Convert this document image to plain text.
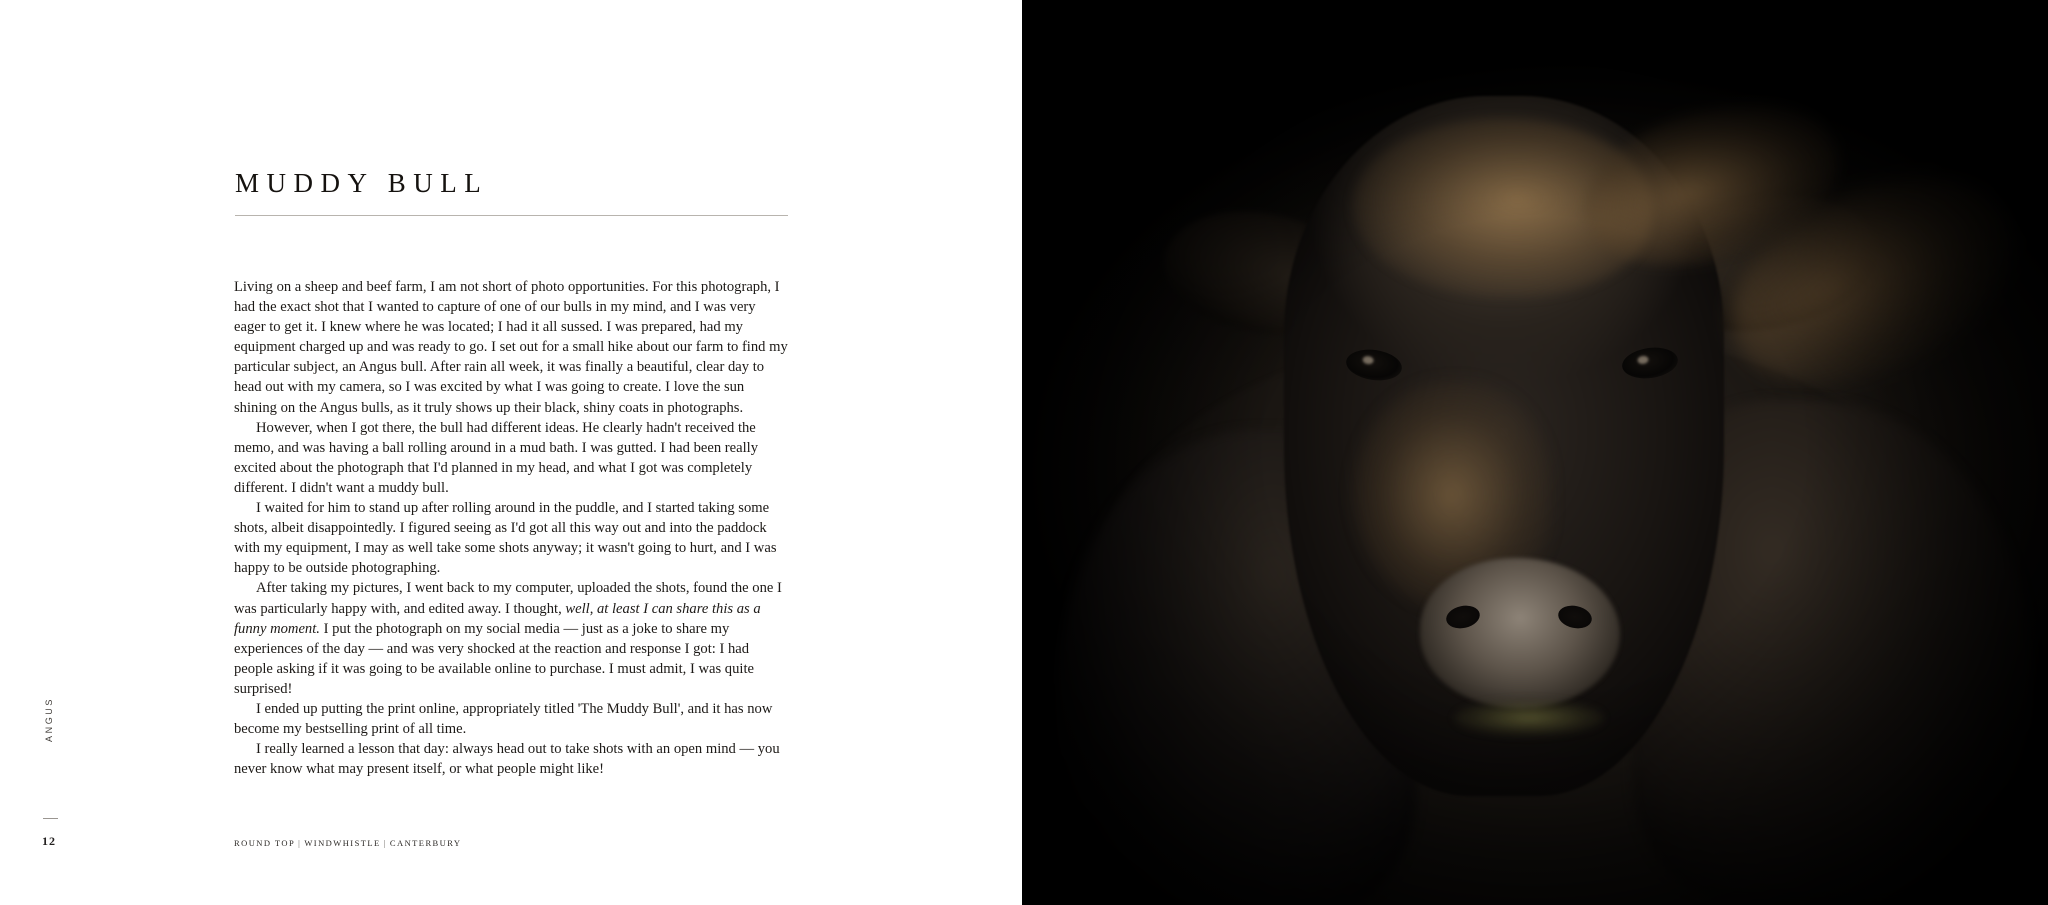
MUDDY BULL

Living on a sheep and beef farm, I am not short of photo opportunities. For this photograph, I had the exact shot that I wanted to capture of one of our bulls in my mind, and I was very eager to get it. I knew where he was located; I had it all sussed. I was prepared, had my equipment charged up and was ready to go. I set out for a small hike about our farm to find my particular subject, an Angus bull. After rain all week, it was finally a beautiful, clear day to head out with my camera, so I was excited by what I was going to create. I love the sun shining on the Angus bulls, as it truly shows up their black, shiny coats in photographs.

However, when I got there, the bull had different ideas. He clearly hadn't received the memo, and was having a ball rolling around in a mud bath. I was gutted. I had been really excited about the photograph that I'd planned in my head, and what I got was completely different. I didn't want a muddy bull.

I waited for him to stand up after rolling around in the puddle, and I started taking some shots, albeit disappointedly. I figured seeing as I'd got all this way out and into the paddock with my equipment, I may as well take some shots anyway; it wasn't going to hurt, and I was happy to be outside photographing.

After taking my pictures, I went back to my computer, uploaded the shots, found the one I was particularly happy with, and edited away. I thought, well, at least I can share this as a funny moment. I put the photograph on my social media — just as a joke to share my experiences of the day — and was very shocked at the reaction and response I got: I had people asking if it was going to be available online to purchase. I must admit, I was quite surprised!

I ended up putting the print online, appropriately titled 'The Muddy Bull', and it has now become my bestselling print of all time.

I really learned a lesson that day: always head out to take shots with an open mind — you never know what may present itself, or what people might like!

ANGUS
12	ROUND TOP | WINDWHISTLE | CANTERBURY
